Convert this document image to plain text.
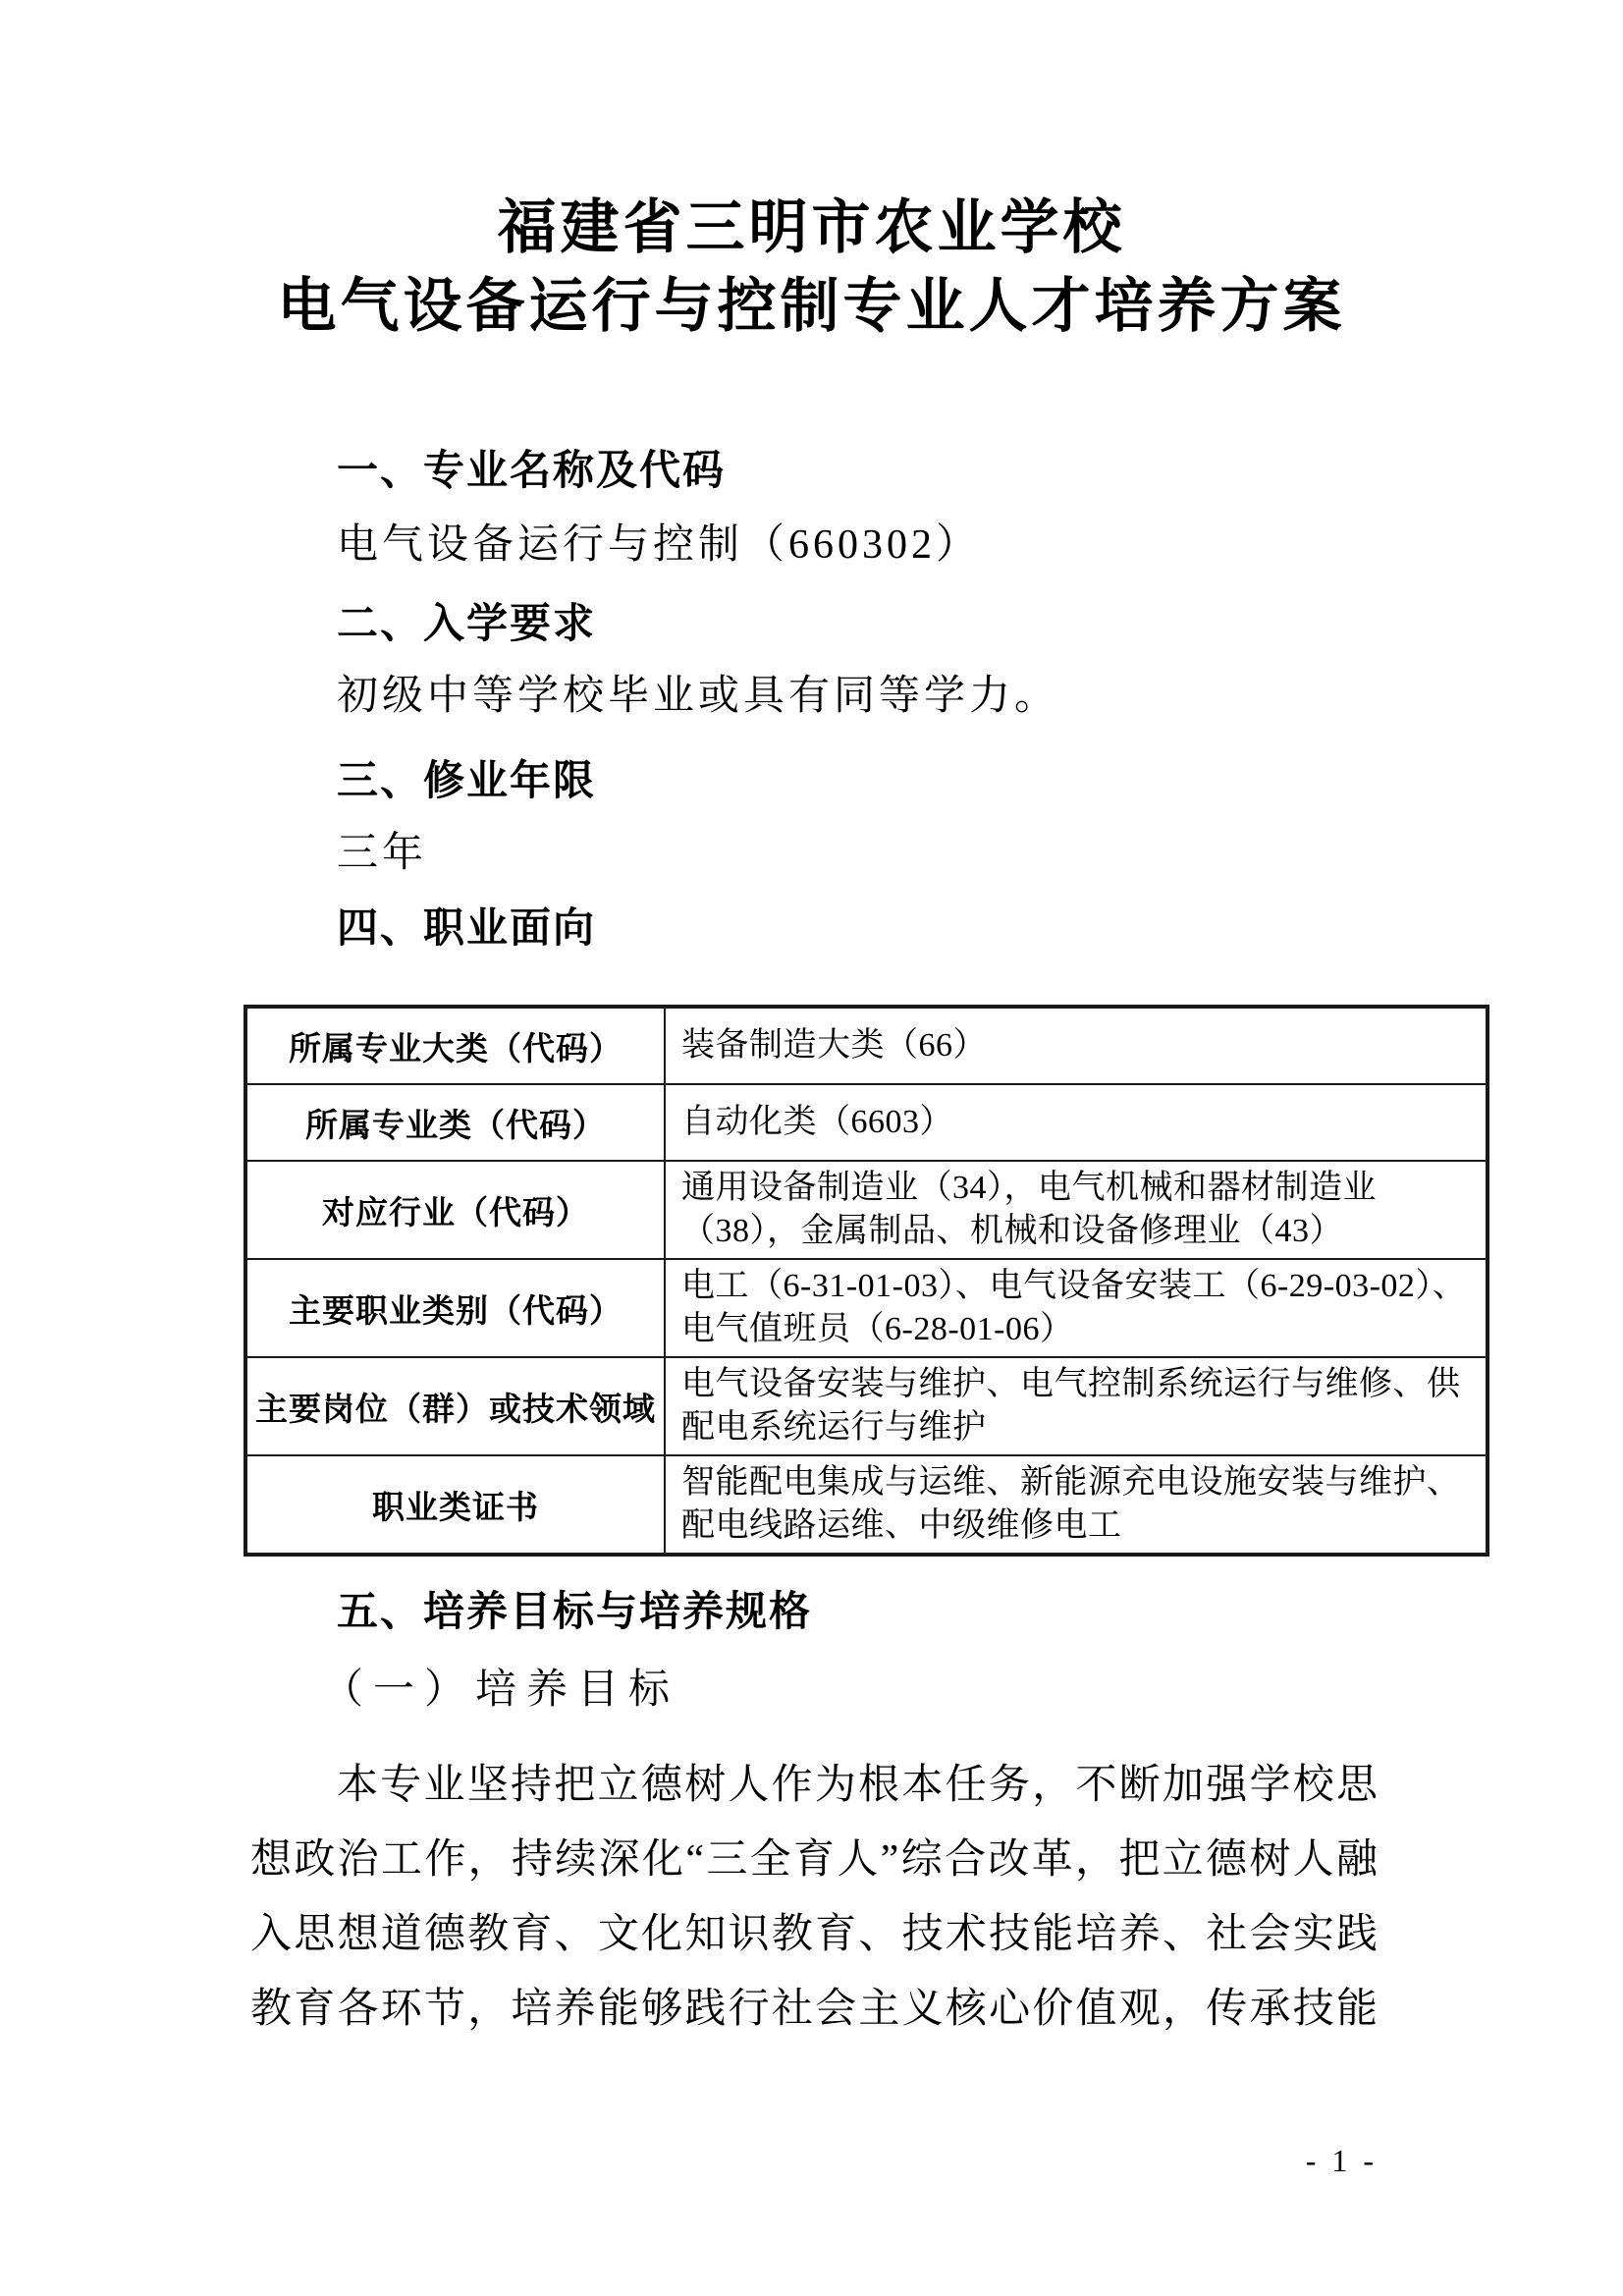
福建省三明市农业学校
电气设备运行与控制专业人才培养方案
一、专业名称及代码
电气设备运行与控制（660302）
二、入学要求
初级中等学校毕业或具有同等学力。
三、修业年限
三年
四、职业面向
所属专业大类（代码）	装备制造大类（66）
所属专业类（代码）	自动化类（6603）
对应行业（代码）	通用设备制造业（34），电气机械和器材制造业（38），金属制品、机械和设备修理业（43）
主要职业类别（代码）	电工（6-31-01-03）、电气设备安装工（6-29-03-02）、电气值班员（6-28-01-06）
主要岗位（群）或技术领域	电气设备安装与维护、电气控制系统运行与维修、供配电系统运行与维护
职业类证书	智能配电集成与运维、新能源充电设施安装与维护、配电线路运维、中级维修电工
五、培养目标与培养规格
（一）培养目标
本专业坚持把立德树人作为根本任务，不断加强学校思
想政治工作，持续深化“三全育人”综合改革，把立德树人融
入思想道德教育、文化知识教育、技术技能培养、社会实践
教育各环节，培养能够践行社会主义核心价值观，传承技能
- 1 -
